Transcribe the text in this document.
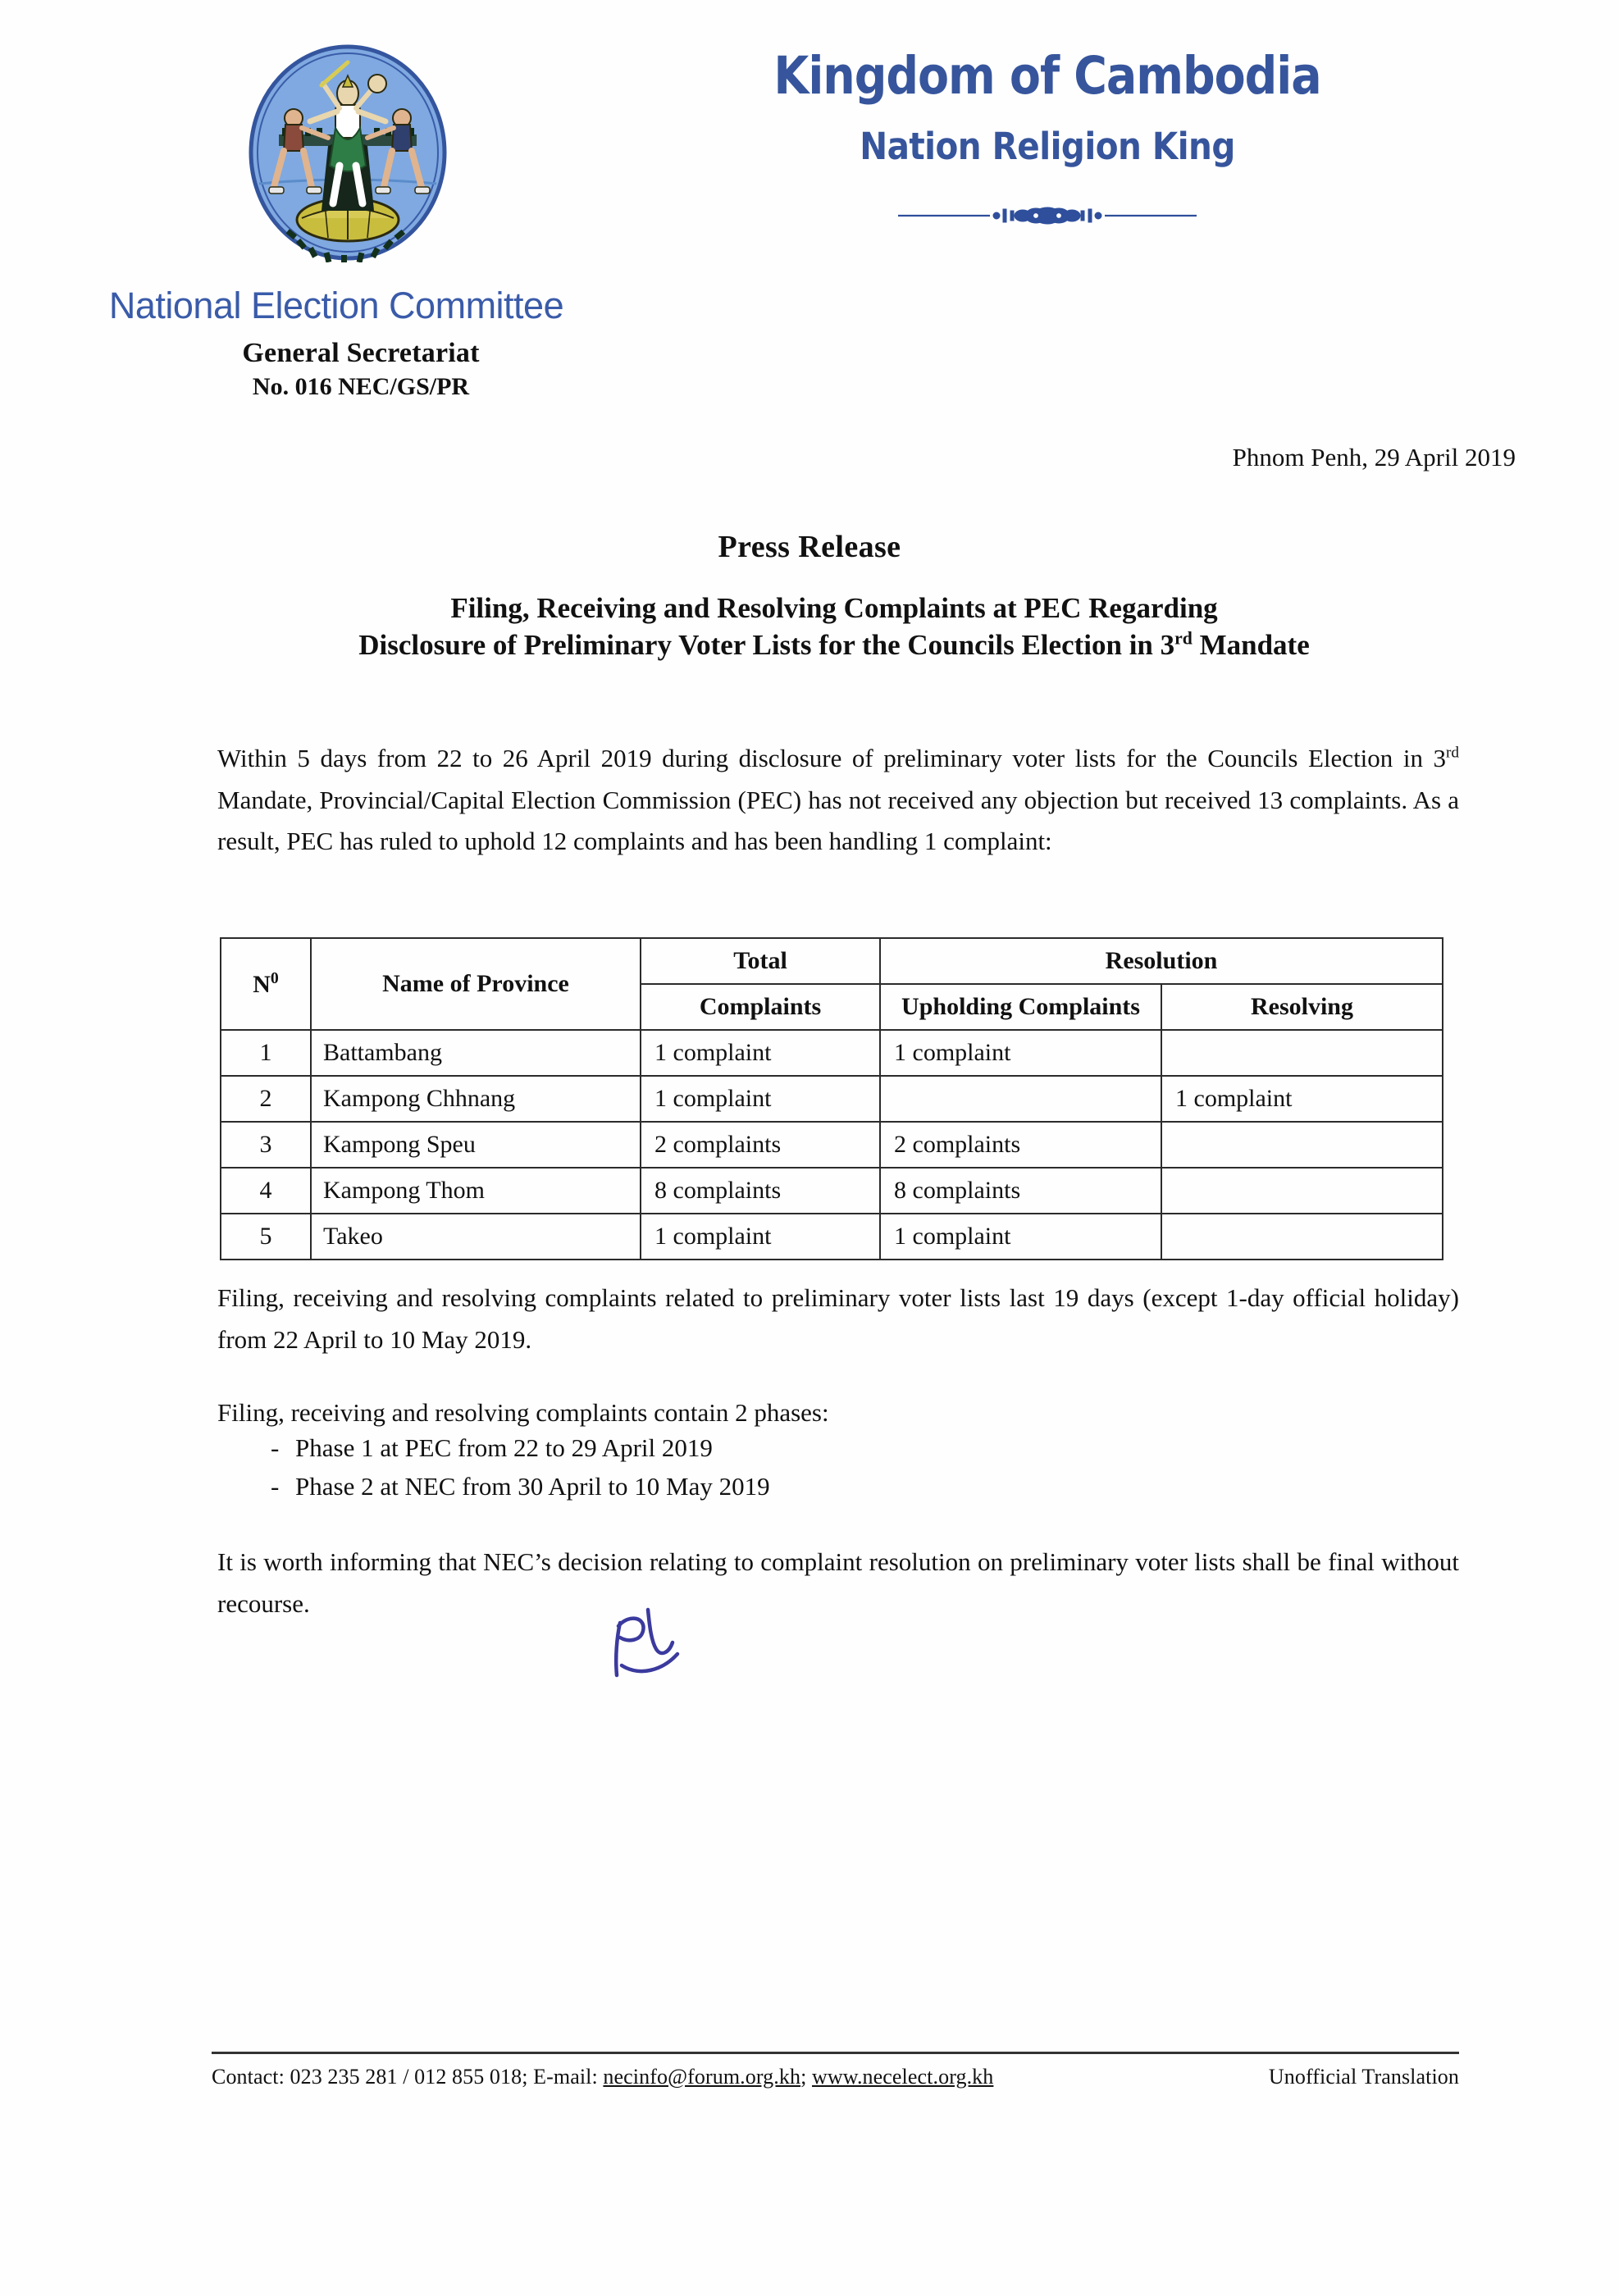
Kingdom of Cambodia
Nation Religion King
National Election Committee
General Secretariat
No. 016 NEC/GS/PR
Phnom Penh, 29 April 2019
Press Release
Filing, Receiving and Resolving Complaints at PEC Regarding
Disclosure of Preliminary Voter Lists for the Councils Election in 3rd Mandate
Within 5 days from 22 to 26 April 2019 during disclosure of preliminary voter lists for the Councils Election in 3rd Mandate, Provincial/Capital Election Commission (PEC) has not received any objection but received 13 complaints. As a result, PEC has ruled to uphold 12 complaints and has been handling 1 complaint:
$N^0$	Name of Province	Total	Resolution	
		Complaints	Upholding Complaints	Resolving
1	Battambang	1 complaint	1 complaint	
2	Kampong Chhnang	1 complaint		1 complaint
3	Kampong Speu	2 complaints	2 complaints	
4	Kampong Thom	8 complaints	8 complaints	
5	Takeo	1 complaint	1 complaint	
Filing, receiving and resolving complaints related to preliminary voter lists last 19 days (except 1-day official holiday) from 22 April to 10 May 2019.
Filing, receiving and resolving complaints contain 2 phases:
- Phase 1 at PEC from 22 to 29 April 2019
- Phase 2 at NEC from 30 April to 10 May 2019
It is worth informing that NEC’s decision relating to complaint resolution on preliminary voter lists shall be final without recourse.
Contact: 023 235 281 / 012 855 018; E-mail: necinfo@forum.org.kh; www.necelect.org.kh	Unofficial Translation
